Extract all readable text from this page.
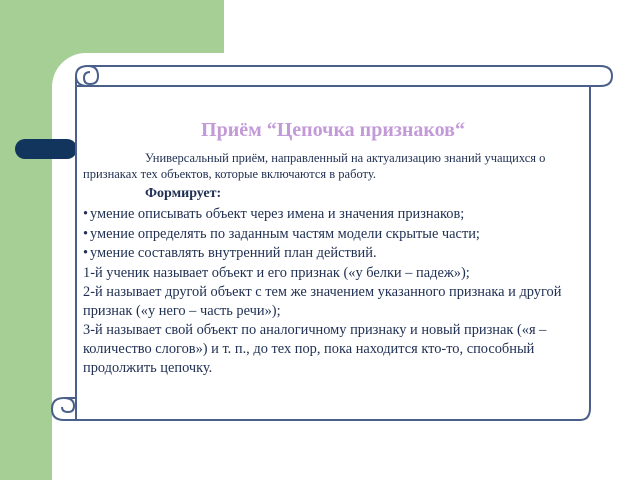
Приём “Цепочка признаков“

Универсальный приём, направленный на актуализацию знаний учащихся о признаках тех объектов, которые включаются в работу.

Формирует:
• умение описывать объект через имена и значения признаков;
• умение определять по заданным частям модели скрытые части;
• умение составлять внутренний план действий.

1-й ученик называет объект и его признак («у белки – падеж»);

2-й называет другой объект с тем же значением указанного признака и другой признак («у него – часть речи»);

3-й называет свой объект по аналогичному признаку и новый признак («я – количество слогов») и т. п., до тех пор, пока находится кто-то, способный продолжить цепочку.
